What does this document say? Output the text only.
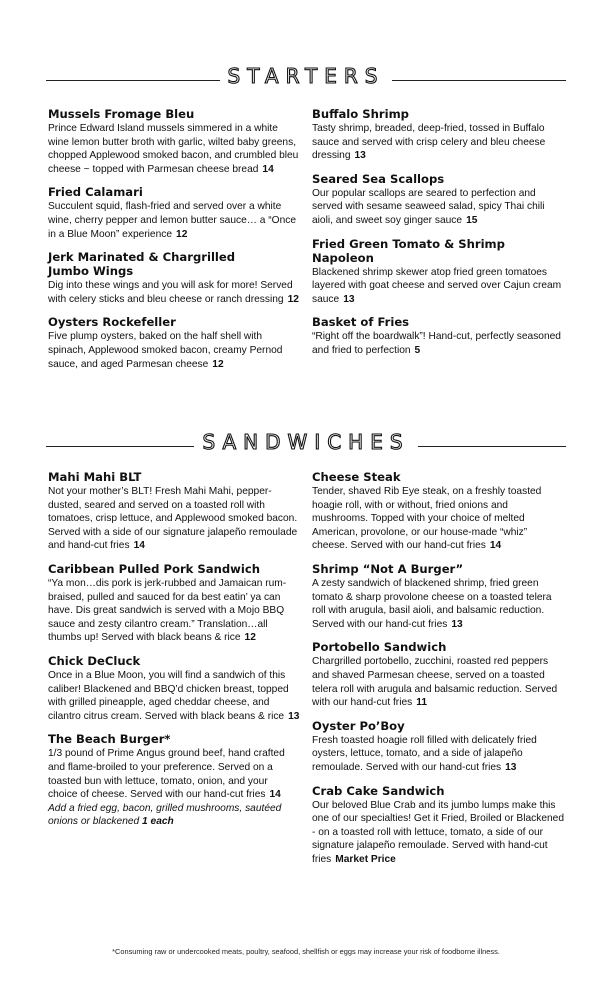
STARTERS
Mussels Fromage Bleu

Prince Edward Island mussels simmered in a white wine lemon butter broth with garlic, wilted baby greens, chopped Applewood smoked bacon, and crumbled bleu cheese ~ topped with Parmesan cheese bread 14

Fried Calamari

Succulent squid, flash-fried and served over a white wine, cherry pepper and lemon butter sauce… a “Once in a Blue Moon” experience 12

Jerk Marinated & Chargrilled Jumbo Wings

Dig into these wings and you will ask for more! Served with celery sticks and bleu cheese or ranch dressing 12

Oysters Rockefeller

Five plump oysters, baked on the half shell with spinach, Applewood smoked bacon, creamy Pernod sauce, and aged Parmesan cheese 12

Buffalo Shrimp

Tasty shrimp, breaded, deep-fried, tossed in Buffalo sauce and served with crisp celery and bleu cheese dressing 13

Seared Sea Scallops

Our popular scallops are seared to perfection and served with sesame seaweed salad, spicy Thai chili aioli, and sweet soy ginger sauce 15

Fried Green Tomato & Shrimp Napoleon

Blackened shrimp skewer atop fried green tomatoes layered with goat cheese and served over Cajun cream sauce 13

Basket of Fries

“Right off the boardwalk”! Hand-cut, perfectly seasoned and fried to perfection 5

SANDWICHES
Mahi Mahi BLT

Not your mother’s BLT! Fresh Mahi Mahi, pepper-dusted, seared and served on a toasted roll with tomatoes, crisp lettuce, and Applewood smoked bacon. Served with a side of our signature jalapeño remoulade and hand-cut fries 14

Caribbean Pulled Pork Sandwich

“Ya mon…dis pork is jerk-rubbed and Jamaican rum-braised, pulled and sauced for da best eatin’ ya can have. Dis great sandwich is served with a Mojo BBQ sauce and zesty cilantro cream.” Translation…all thumbs up! Served with black beans & rice 12

Chick DeCluck

Once in a Blue Moon, you will find a sandwich of this caliber! Blackened and BBQ’d chicken breast, topped with grilled pineapple, aged cheddar cheese, and cilantro citrus cream. Served with black beans & rice 13

The Beach Burger*

1/3 pound of Prime Angus ground beef, hand crafted and flame-broiled to your preference. Served on a toasted bun with lettuce, tomato, onion, and your choice of cheese. Served with our hand-cut fries 14
Add a fried egg, bacon, grilled mushrooms, sautéed onions or blackened 1 each

Cheese Steak

Tender, shaved Rib Eye steak, on a freshly toasted hoagie roll, with or without, fried onions and mushrooms. Topped with your choice of melted American, provolone, or our house-made “whiz” cheese. Served with our hand-cut fries 14

Shrimp “Not A Burger”

A zesty sandwich of blackened shrimp, fried green tomato & sharp provolone cheese on a toasted telera roll with arugula, basil aioli, and balsamic reduction. Served with our hand-cut fries 13

Portobello Sandwich

Chargrilled portobello, zucchini, roasted red peppers and shaved Parmesan cheese, served on a toasted telera roll with arugula and balsamic reduction. Served with our hand-cut fries 11

Oyster Po’Boy

Fresh toasted hoagie roll filled with delicately fried oysters, lettuce, tomato, and a side of jalapeño remoulade. Served with our hand-cut fries 13

Crab Cake Sandwich

Our beloved Blue Crab and its jumbo lumps make this one of our specialties! Get it Fried, Broiled or Blackened - on a toasted roll with lettuce, tomato, a side of our signature jalapeño remoulade. Served with hand-cut fries Market Price

*Consuming raw or undercooked meats, poultry, seafood, shellfish or eggs may increase your risk of foodborne illness.
